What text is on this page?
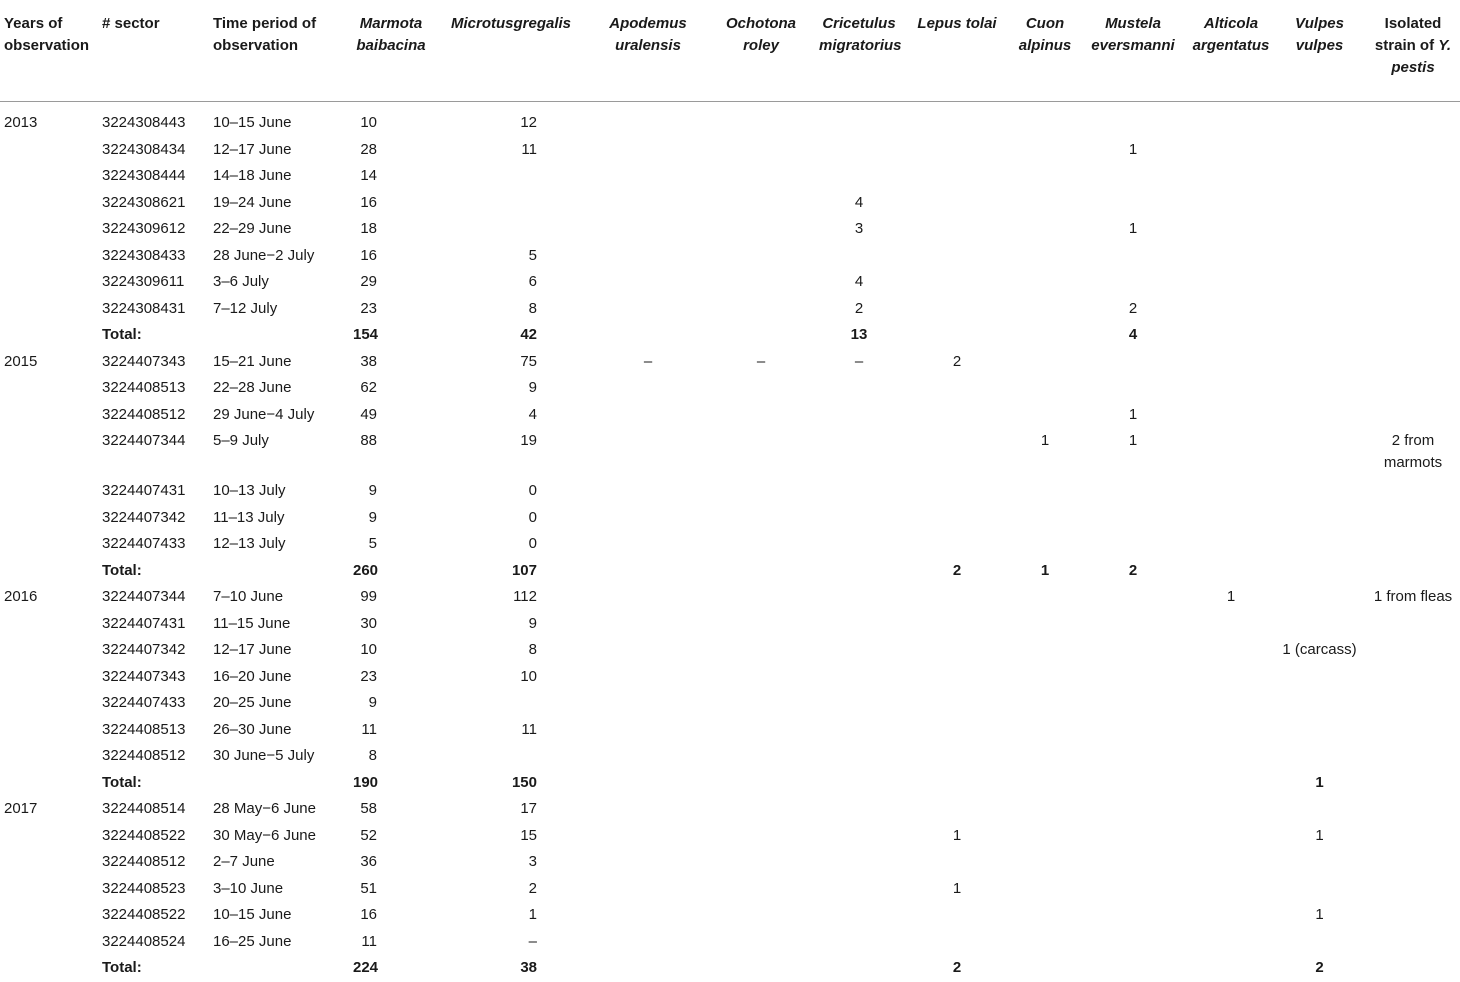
Years of observation	# sector	Time period of observation	Marmota baibacina	Microtusgregalis	Apodemus uralensis	Ochotona roley	Cricetulus migratorius	Lepus tolai	Cuon alpinus	Mustela eversmanni	Alticola argentatus	Vulpes vulpes	Isolated strain of Y. pestis
2013	3224308443	10–15 June	10	12									
	3224308434	12–17 June	28	11						1			
	3224308444	14–18 June	14										
	3224308621	19–24 June	16				4						
	3224309612	22–29 June	18				3			1			
	3224308433	28 June−2 July	16	5									
	3224309611	3–6 July	29	6			4						
	3224308431	7–12 July	23	8			2			2			
	Total:		154	42			13			4			
2015	3224407343	15–21 June	38	75	–	–	–	2					
	3224408513	22–28 June	62	9									
	3224408512	29 June−4 July	49	4						1			
	3224407344	5–9 July	88	19					1	1			2 from marmots
	3224407431	10–13 July	9	0									
	3224407342	11–13 July	9	0									
	3224407433	12–13 July	5	0									
	Total:		260	107				2	1	2			
2016	3224407344	7–10 June	99	112							1		1 from fleas
	3224407431	11–15 June	30	9									
	3224407342	12–17 June	10	8								1 (carcass)	
	3224407343	16–20 June	23	10									
	3224407433	20–25 June	9										
	3224408513	26–30 June	11	11									
	3224408512	30 June−5 July	8										
	Total:		190	150								1	
2017	3224408514	28 May−6 June	58	17									
	3224408522	30 May−6 June	52	15				1				1	
	3224408512	2–7 June	36	3									
	3224408523	3–10 June	51	2				1					
	3224408522	10–15 June	16	1								1	
	3224408524	16–25 June	11	–									
	Total:		224	38				2				2	
